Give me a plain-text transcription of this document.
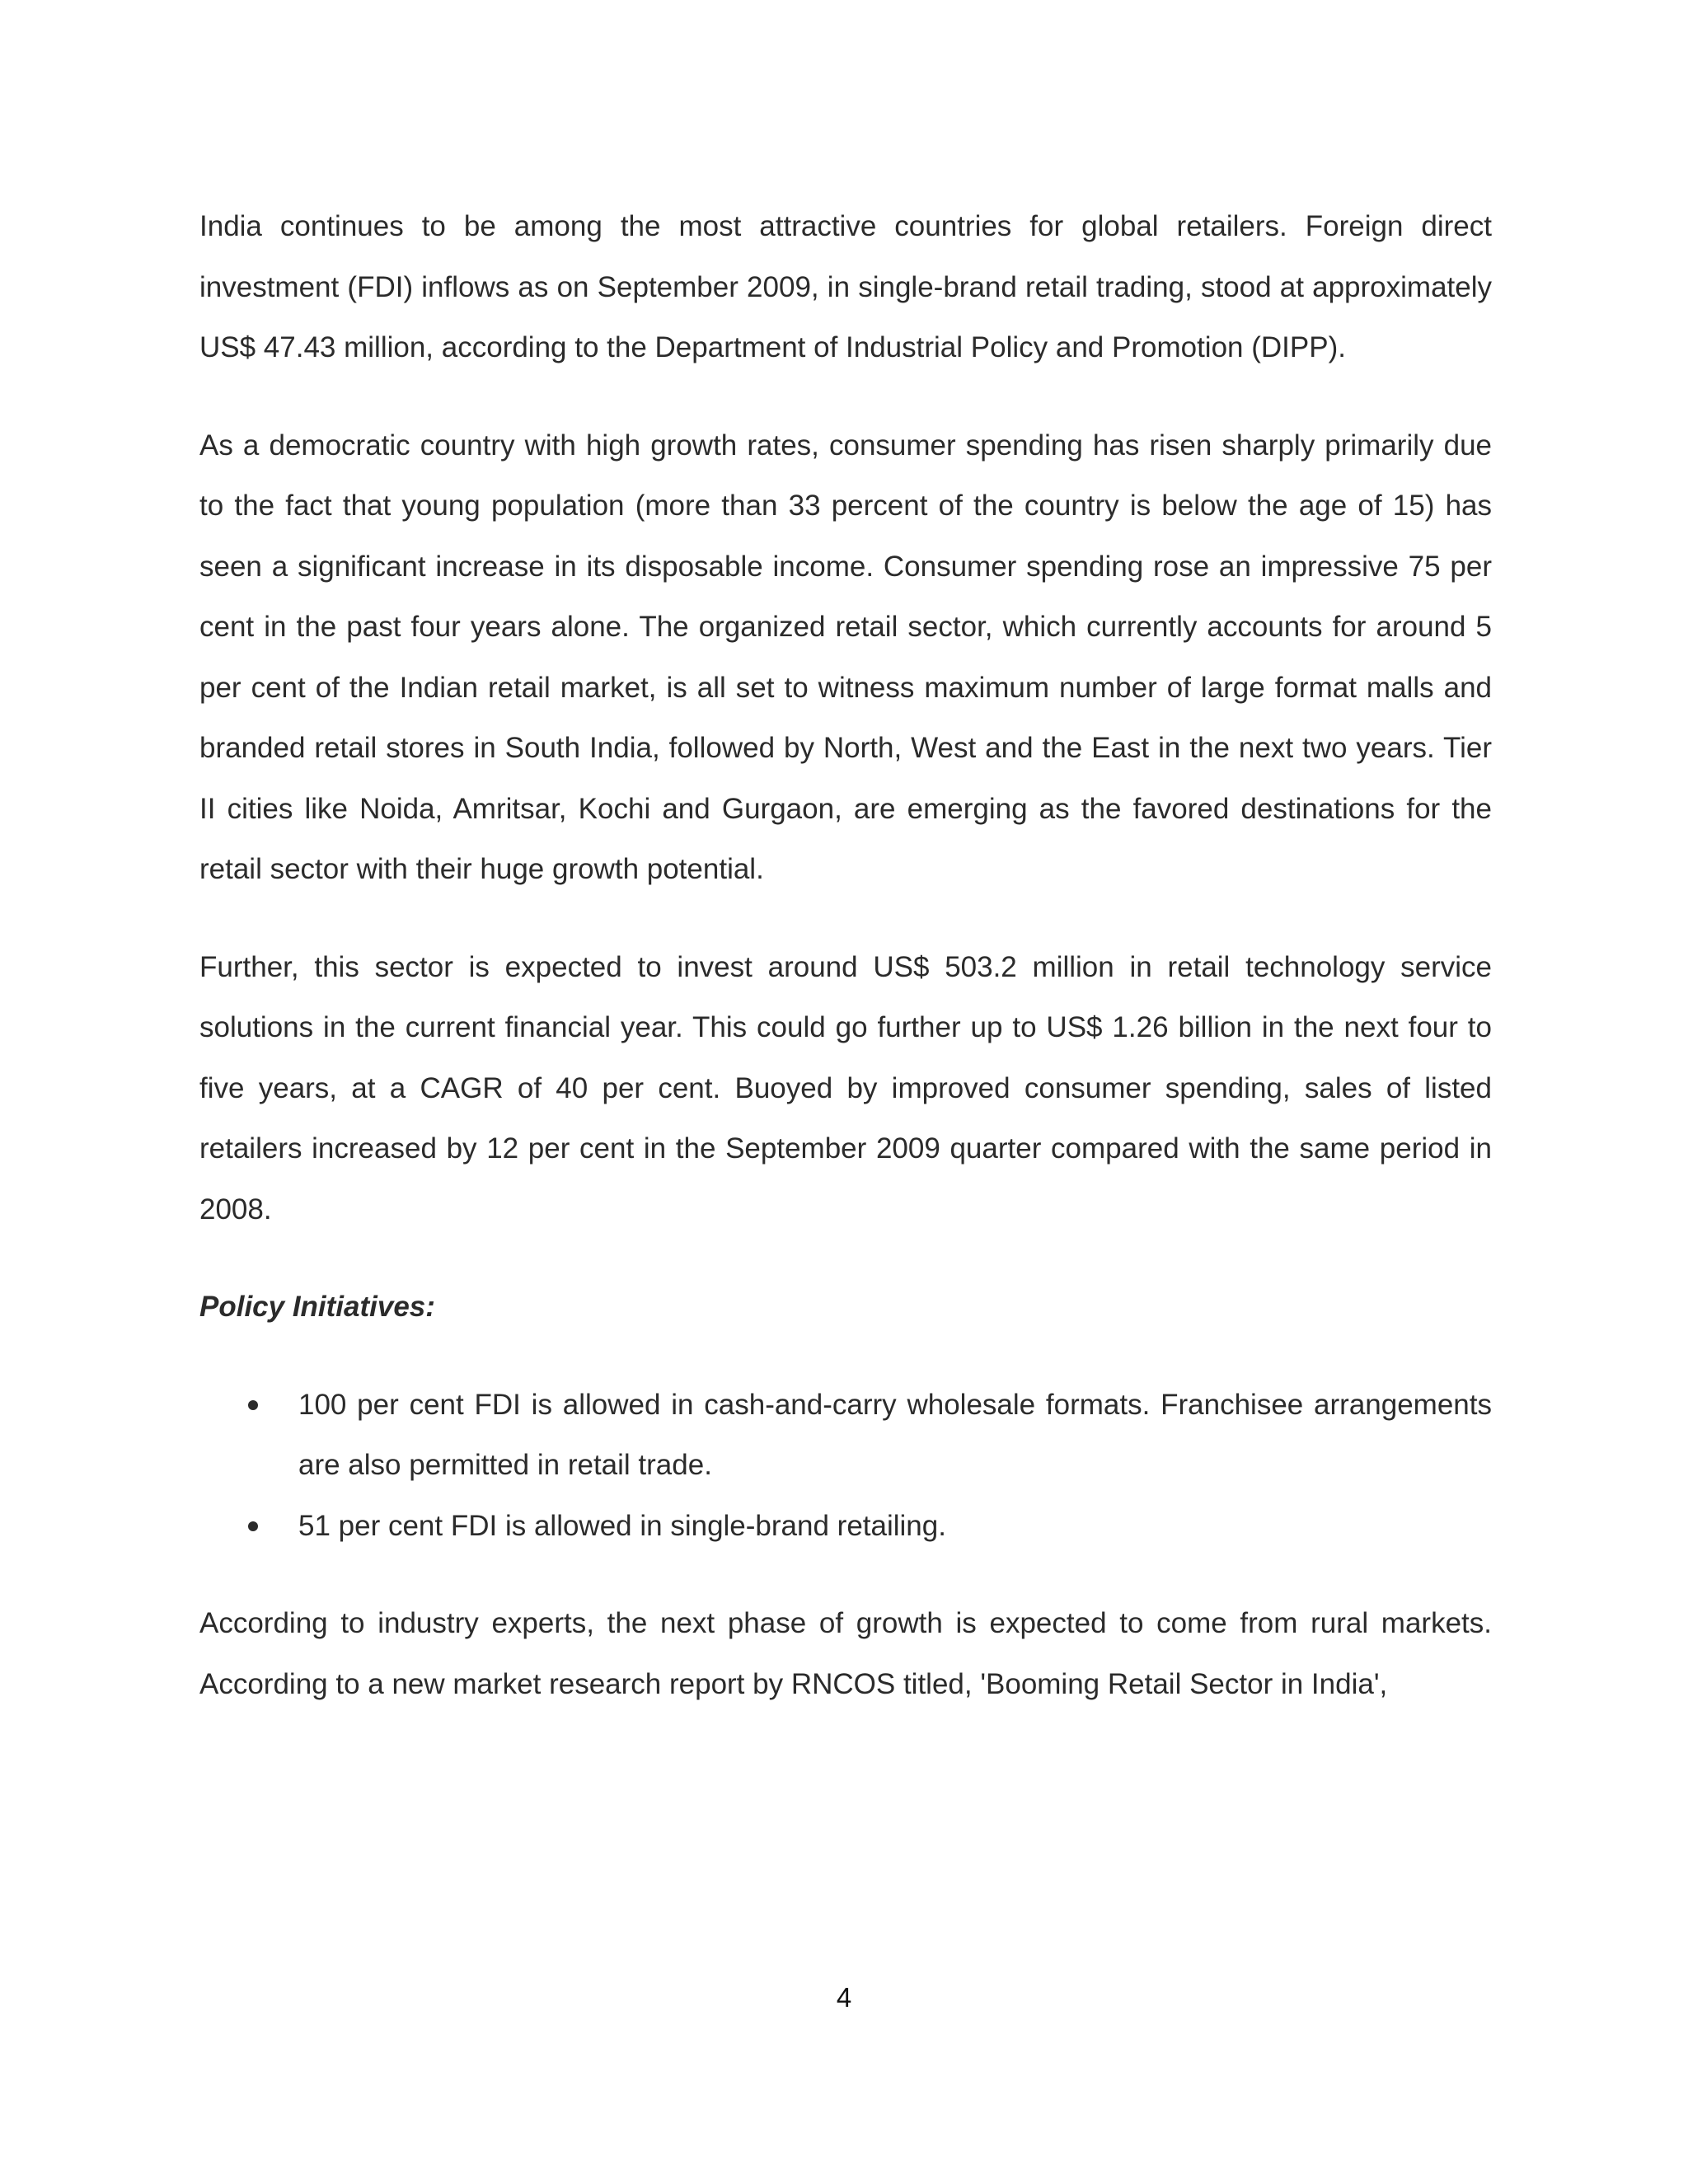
India continues to be among the most attractive countries for global retailers. Foreign direct investment (FDI) inflows as on September 2009, in single-brand retail trading, stood at approximately US$ 47.43 million, according to the Department of Industrial Policy and Promotion (DIPP).

As a democratic country with high growth rates, consumer spending has risen sharply primarily due to the fact that young population (more than 33 percent of the country is below the age of 15) has seen a significant increase in its disposable income. Consumer spending rose an impressive 75 per cent in the past four years alone. The organized retail sector, which currently accounts for around 5 per cent of the Indian retail market, is all set to witness maximum number of large format malls and branded retail stores in South India, followed by North, West and the East in the next two years. Tier II cities like Noida, Amritsar, Kochi and Gurgaon, are emerging as the favored destinations for the retail sector with their huge growth potential.

Further, this sector is expected to invest around US$ 503.2 million in retail technology service solutions in the current financial year. This could go further up to US$ 1.26 billion in the next four to five years, at a CAGR of 40 per cent. Buoyed by improved consumer spending, sales of listed retailers increased by 12 per cent in the September 2009 quarter compared with the same period in 2008.

Policy Initiatives:

100 per cent FDI is allowed in cash-and-carry wholesale formats. Franchisee arrangements are also permitted in retail trade.
51 per cent FDI is allowed in single-brand retailing.

According to industry experts, the next phase of growth is expected to come from rural markets. According to a new market research report by RNCOS titled, 'Booming Retail Sector in India',

4
